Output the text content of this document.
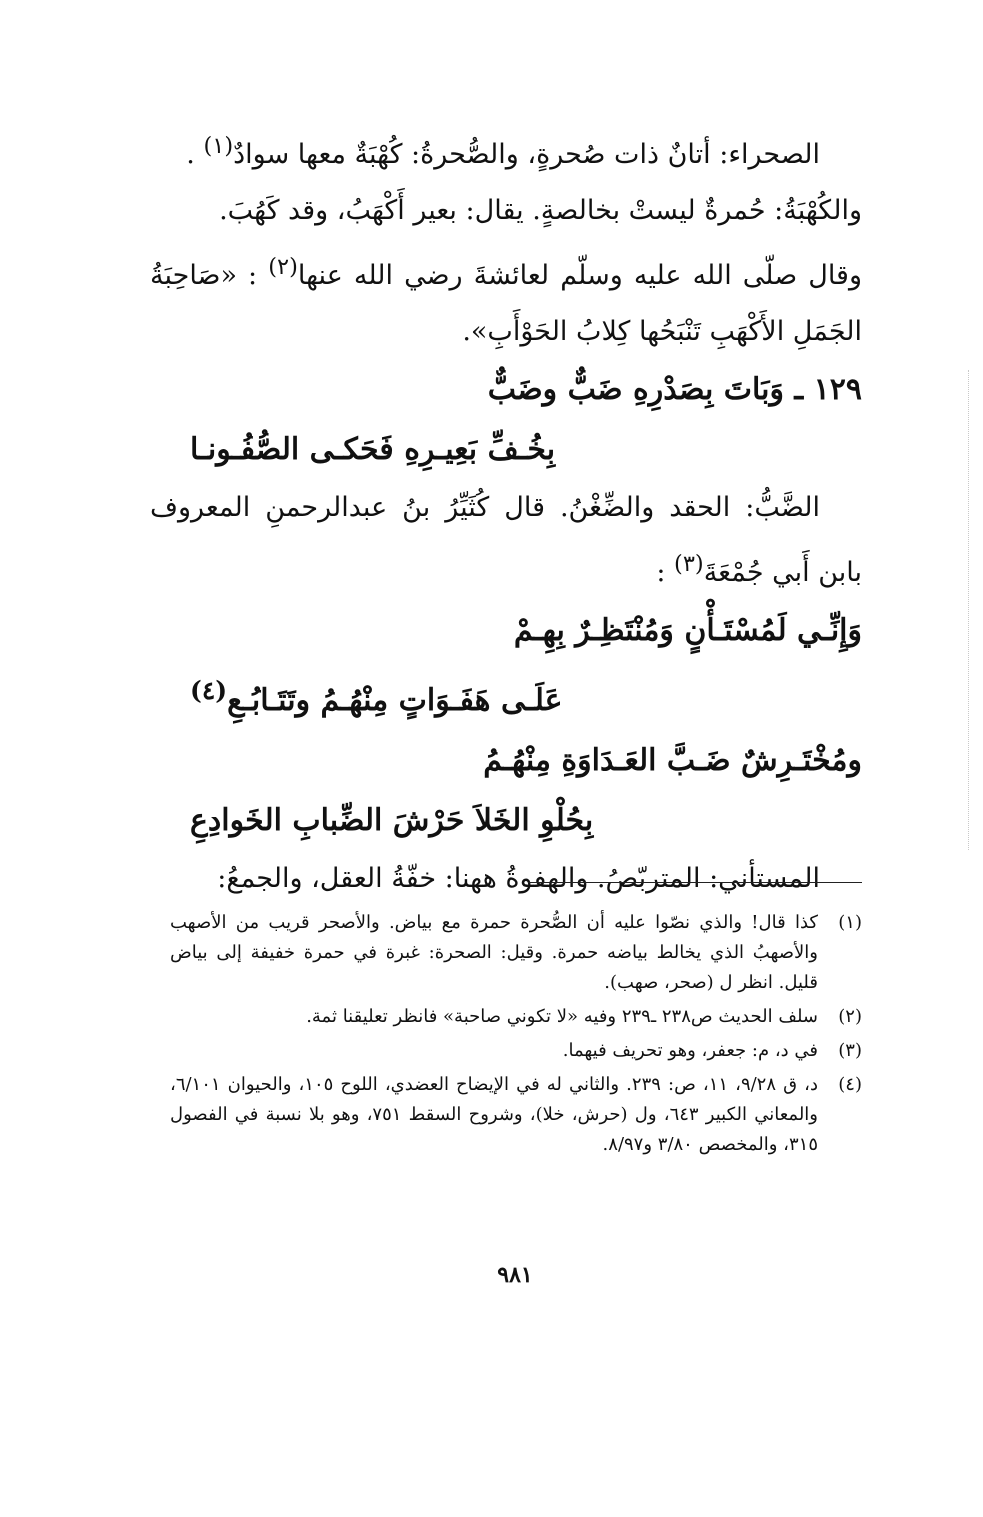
الصحراء: أتانٌ ذات صُحرةٍ، والصُّحرةُ: كُهْبَةٌ معها سوادٌ$^{(١)}$ .

والكُهْبَةُ: حُمرةٌ ليستْ بخالصةٍ. يقال: بعير أَكْهَبُ، وقد كَهُبَ.

وقال صلّى الله عليه وسلّم لعائشةَ رضي الله عنها$^{(٢)}$ : «صَاحِبَةُ الجَمَلِ الأَكْهَبِ تَنْبَحُها كِلابُ الحَوْأَبِ».

١٢٩ ـ وَبَاتَ بِصَدْرِهِ ضَبٌّ وضَبٌّ

بِخُـفِّ بَعِيـرِهِ فَحَكـى الصُّفُـونـا

الضَّبُّ: الحقد والضِّغْنُ. قال كُثَيِّرُ بنُ عبدالرحمنِ المعروف بابن أَبي جُمْعَةَ$^{(٣)}$ :

وَإِنِّـي لَمُسْتَـأْنٍ وَمُنْتَظِـرٌ بِهِـمْ

عَلَـى هَفَـوَاتٍ مِنْهُـمُ وتَتَـابُـعِ$^{(٤)}$

ومُخْتَـرِشٌ ضَـبَّ العَـدَاوَةِ مِنْهُـمُ

بِحُلْوِ الخَلاَ حَرْشَ الضِّبابِ الخَوادِعِ

المستأني: المتربّصُ. والهفوةُ ههنا: خفّةُ العقل، والجمعُ:

(١)
كذا قال! والذي نصّوا عليه أن الصُّحرة حمرة مع بياض. والأصحر قريب من الأصهب والأصهبُ الذي يخالط بياضه حمرة. وقيل: الصحرة: غبرة في حمرة خفيفة إلى بياض قليل. انظر ل (صحر، صهب).
(٢)
سلف الحديث ص٢٣٨ ـ٢٣٩ وفيه «لا تكوني صاحبة» فانظر تعليقنا ثمة.
(٣)
في د، م: جعفر، وهو تحريف فيهما.
(٤)
د، ق ٩/٢٨، ١١، ص: ٢٣٩. والثاني له في الإيضاح العضدي، اللوح ١٠٥، والحيوان ٦/١٠١، والمعاني الكبير ٦٤٣، ول (حرش، خلا)، وشروح السقط ٧٥١، وهو بلا نسبة في الفصول ٣١٥، والمخصص ٣/٨٠ و٨/٩٧.
٩٨١
